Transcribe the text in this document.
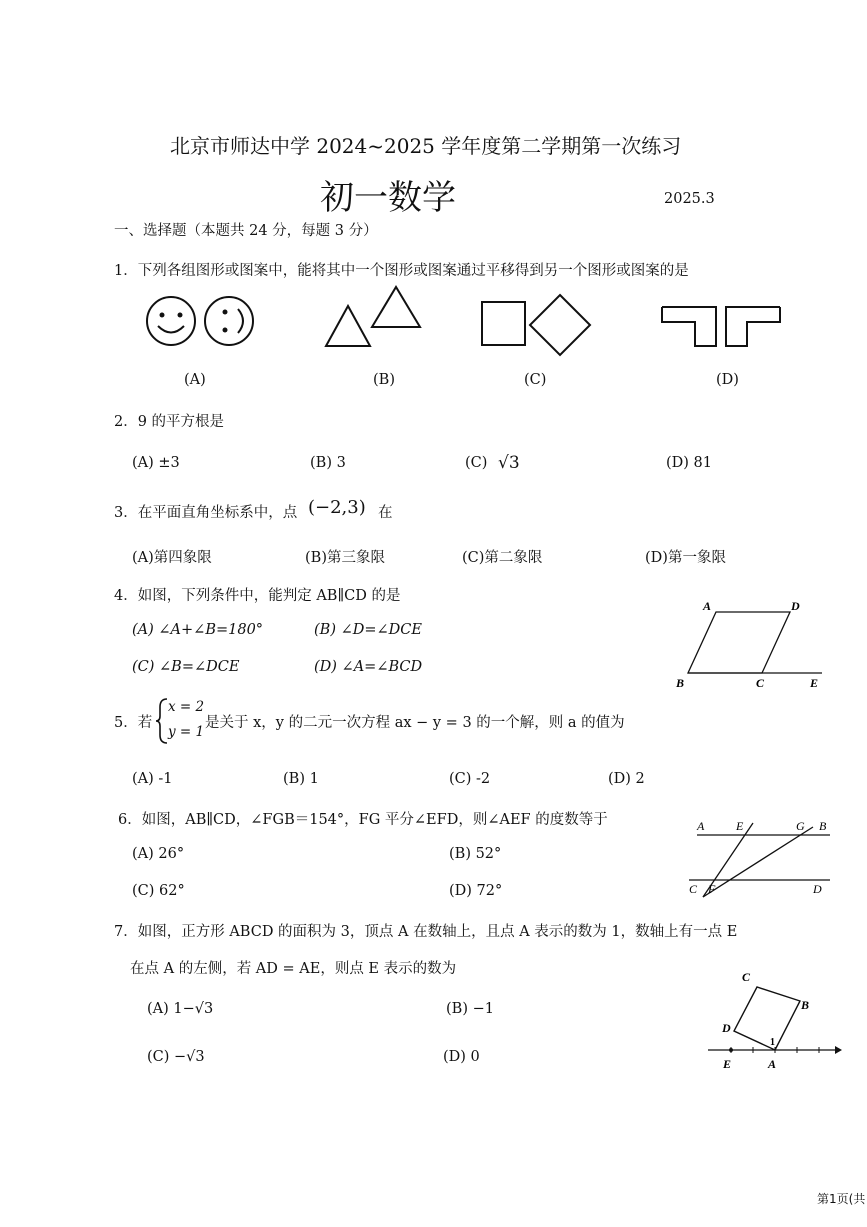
北京市师达中学 2024~2025 学年度第二学期第一次练习
初一数学	2025.3
一、选择题（本题共 24 分，每题 3 分）
1．下列各组图形或图案中，能将其中一个图形或图案通过平移得到另一个图形或图案的是
(A)	(B)	(C)	(D)
2．9 的平方根是
(A) ±3	(B) 3	(C) √3	(D) 81
3．在平面直角坐标系中，点 (−2,3) 在
(A)第四象限	(B)第三象限	(C)第二象限	(D)第一象限
4．如图，下列条件中，能判定 AB∥CD 的是
(A) ∠A+∠B=180°	(B) ∠D=∠DCE
(C) ∠B=∠DCE	(D) ∠A=∠BCD
A	D
B	C	E
5．若
x = 2
y = 1
是关于 x，y 的二元一次方程 ax − y = 3 的一个解，则 a 的值为
(A) -1	(B) 1	(C) -2	(D) 2
6．如图，AB∥CD，∠FGB＝154°，FG 平分∠EFD，则∠AEF 的度数等于
(A) 26°	(B) 52°
(C) 62°	(D) 72°
A	E	G B
C F	D
7．如图，正方形 ABCD 的面积为 3，顶点 A 在数轴上，且点 A 表示的数为 1，数轴上有一点 E
在点 A 的左侧，若 AD = AE，则点 E 表示的数为
(A) 1−√3	(B) −1
(C) −√3	(D) 0
C
B
D
1
E	A
第1页(共
